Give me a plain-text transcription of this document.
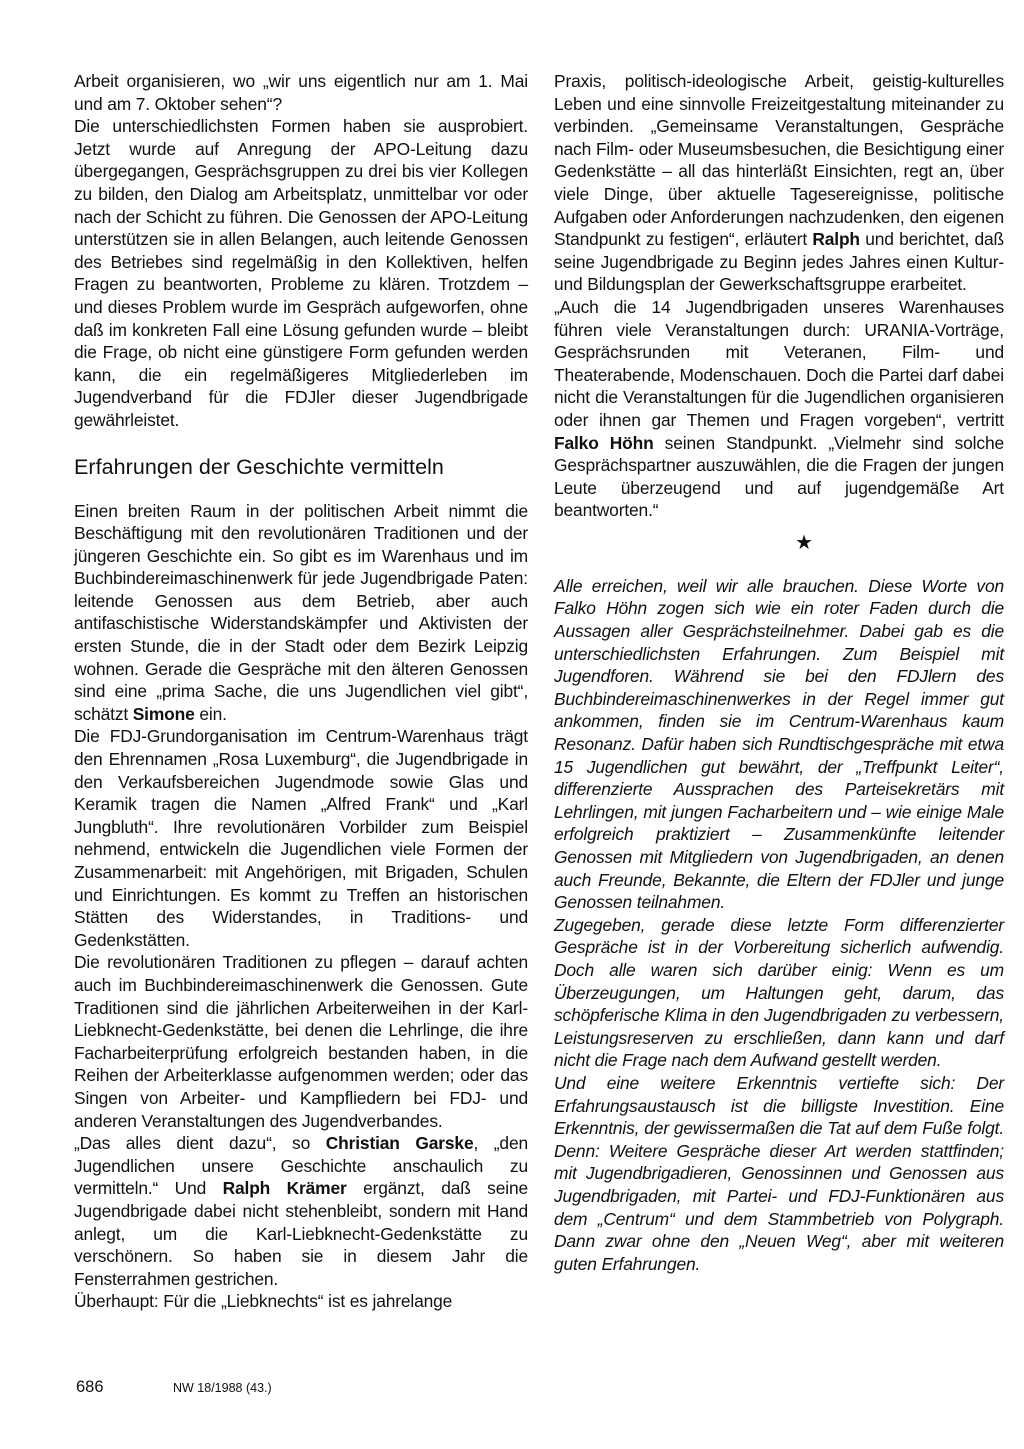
Arbeit organisieren, wo „wir uns eigentlich nur am 1. Mai und am 7. Oktober sehen“?

Die unterschiedlichsten Formen haben sie ausprobiert. Jetzt wurde auf Anregung der APO-Leitung dazu übergegangen, Gesprächsgruppen zu drei bis vier Kollegen zu bilden, den Dialog am Arbeitsplatz, unmittelbar vor oder nach der Schicht zu führen. Die Genossen der APO-Leitung unterstützen sie in allen Belangen, auch leitende Genossen des Betriebes sind regelmäßig in den Kollektiven, helfen Fragen zu beantworten, Probleme zu klären. Trotzdem – und dieses Problem wurde im Gespräch aufgeworfen, ohne daß im konkreten Fall eine Lösung gefunden wurde – bleibt die Frage, ob nicht eine günstigere Form gefunden werden kann, die ein regelmäßigeres Mitgliederleben im Jugendverband für die FDJler dieser Jugendbrigade gewährleistet.

Erfahrungen der Geschichte vermitteln

Einen breiten Raum in der politischen Arbeit nimmt die Beschäftigung mit den revolutionären Traditionen und der jüngeren Geschichte ein. So gibt es im Warenhaus und im Buchbindereimaschinenwerk für jede Jugendbrigade Paten: leitende Genossen aus dem Betrieb, aber auch antifaschistische Widerstandskämpfer und Aktivisten der ersten Stunde, die in der Stadt oder dem Bezirk Leipzig wohnen. Gerade die Gespräche mit den älteren Genossen sind eine „prima Sache, die uns Jugendlichen viel gibt“, schätzt Simone ein.

Die FDJ-Grundorganisation im Centrum-Warenhaus trägt den Ehrennamen „Rosa Luxemburg“, die Jugendbrigade in den Verkaufsbereichen Jugendmode sowie Glas und Keramik tragen die Namen „Alfred Frank“ und „Karl Jungbluth“. Ihre revolutionären Vorbilder zum Beispiel nehmend, entwickeln die Jugendlichen viele Formen der Zusammenarbeit: mit Angehörigen, mit Brigaden, Schulen und Einrichtungen. Es kommt zu Treffen an historischen Stätten des Widerstandes, in Traditions- und Gedenkstätten.

Die revolutionären Traditionen zu pflegen – darauf achten auch im Buchbindereimaschinenwerk die Genossen. Gute Traditionen sind die jährlichen Arbeiterweihen in der Karl-Liebknecht-Gedenkstätte, bei denen die Lehrlinge, die ihre Facharbeiterprüfung erfolgreich bestanden haben, in die Reihen der Arbeiterklasse aufgenommen werden; oder das Singen von Arbeiter- und Kampfliedern bei FDJ- und anderen Veranstaltungen des Jugendverbandes.

„Das alles dient dazu“, so Christian Garske, „den Jugendlichen unsere Geschichte anschaulich zu vermitteln.“ Und Ralph Krämer ergänzt, daß seine Jugendbrigade dabei nicht stehenbleibt, sondern mit Hand anlegt, um die Karl-Liebknecht-Gedenkstätte zu verschönern. So haben sie in diesem Jahr die Fensterrahmen gestrichen.

Überhaupt: Für die „Liebknechts“ ist es jahrelange

Praxis, politisch-ideologische Arbeit, geistig-kulturelles Leben und eine sinnvolle Freizeitgestaltung miteinander zu verbinden. „Gemeinsame Veranstaltungen, Gespräche nach Film- oder Museumsbesuchen, die Besichtigung einer Gedenkstätte – all das hinterläßt Einsichten, regt an, über viele Dinge, über aktuelle Tagesereignisse, politische Aufgaben oder Anforderungen nachzudenken, den eigenen Standpunkt zu festigen“, erläutert Ralph und berichtet, daß seine Jugendbrigade zu Beginn jedes Jahres einen Kultur- und Bildungsplan der Gewerkschaftsgruppe erarbeitet.

„Auch die 14 Jugendbrigaden unseres Warenhauses führen viele Veranstaltungen durch: URANIA-Vorträge, Gesprächsrunden mit Veteranen, Film- und Theaterabende, Modenschauen. Doch die Partei darf dabei nicht die Veranstaltungen für die Jugendlichen organisieren oder ihnen gar Themen und Fragen vorgeben“, vertritt Falko Höhn seinen Standpunkt. „Vielmehr sind solche Gesprächspartner auszuwählen, die die Fragen der jungen Leute überzeugend und auf jugendgemäße Art beantworten.“

★

Alle erreichen, weil wir alle brauchen. Diese Worte von Falko Höhn zogen sich wie ein roter Faden durch die Aussagen aller Gesprächsteilnehmer. Dabei gab es die unterschiedlichsten Erfahrungen. Zum Beispiel mit Jugendforen. Während sie bei den FDJlern des Buchbindereimaschinenwerkes in der Regel immer gut ankommen, finden sie im Centrum-Warenhaus kaum Resonanz. Dafür haben sich Rundtischgespräche mit etwa 15 Jugendlichen gut bewährt, der „Treffpunkt Leiter“, differenzierte Aussprachen des Parteisekretärs mit Lehrlingen, mit jungen Facharbeitern und – wie einige Male erfolgreich praktiziert – Zusammenkünfte leitender Genossen mit Mitgliedern von Jugendbrigaden, an denen auch Freunde, Bekannte, die Eltern der FDJler und junge Genossen teilnahmen.

Zugegeben, gerade diese letzte Form differenzierter Gespräche ist in der Vorbereitung sicherlich aufwendig. Doch alle waren sich darüber einig: Wenn es um Überzeugungen, um Haltungen geht, darum, das schöpferische Klima in den Jugendbrigaden zu verbessern, Leistungsreserven zu erschließen, dann kann und darf nicht die Frage nach dem Aufwand gestellt werden.

Und eine weitere Erkenntnis vertiefte sich: Der Erfahrungsaustausch ist die billigste Investition. Eine Erkenntnis, der gewissermaßen die Tat auf dem Fuße folgt. Denn: Weitere Gespräche dieser Art werden stattfinden; mit Jugendbrigadieren, Genossinnen und Genossen aus Jugendbrigaden, mit Partei- und FDJ-Funktionären aus dem „Centrum“ und dem Stammbetrieb von Polygraph. Dann zwar ohne den „Neuen Weg“, aber mit weiteren guten Erfahrungen.

686	NW 18/1988 (43.)
